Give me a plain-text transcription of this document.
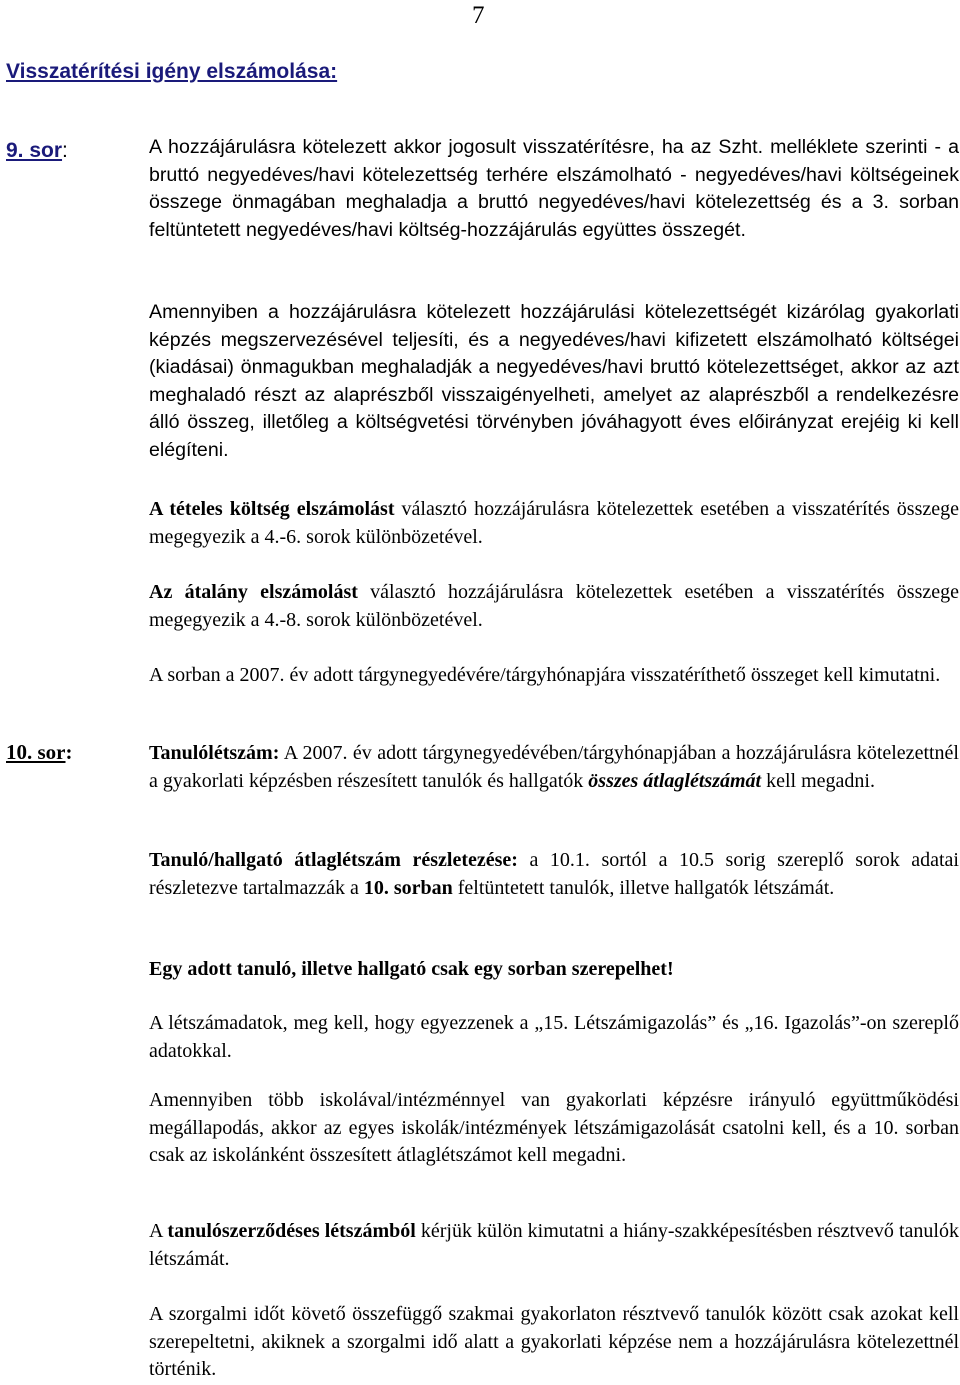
7
Visszatérítési igény elszámolása:
9. sor:	A hozzájárulásra kötelezett akkor jogosult visszatérítésre, ha az Szht. melléklete szerinti - a bruttó negyedéves/havi kötelezettség terhére elszámolható - negyedéves/havi költségeinek összege önmagában meghaladja a bruttó negyedéves/havi kötelezettség és a 3. sorban feltüntetett negyedéves/havi költség-hozzájárulás együttes összegét.

Amennyiben a hozzájárulásra kötelezett hozzájárulási kötelezettségét kizárólag gyakorlati képzés megszervezésével teljesíti, és a negyedéves/havi kifizetett elszámolható költségei (kiadásai) önmagukban meghaladják a negyedéves/havi bruttó kötelezettséget, akkor az azt meghaladó részt az alaprészből visszaigényelheti, amelyet az alaprészből a rendelkezésre álló összeg, illetőleg a költségvetési törvényben jóváhagyott éves előirányzat erejéig ki kell elégíteni.

A tételes költség elszámolást választó hozzájárulásra kötelezettek esetében a visszatérítés összege megegyezik a 4.-6. sorok különbözetével.

Az átalány elszámolást választó hozzájárulásra kötelezettek esetében a visszatérítés összege megegyezik a 4.-8. sorok különbözetével.

A sorban a 2007. év adott tárgynegyedévére/tárgyhónapjára visszatéríthető összeget kell kimutatni.

10. sor:	Tanulólétszám: A 2007. év adott tárgynegyedévében/tárgyhónapjában a hozzájárulásra kötelezettnél a gyakorlati képzésben részesített tanulók és hallgatók összes átlaglétszámát kell megadni.

Tanuló/hallgató átlaglétszám részletezése: a 10.1. sortól a 10.5 sorig szereplő sorok adatai részletezve tartalmazzák a 10. sorban feltüntetett tanulók, illetve hallgatók létszámát.

Egy adott tanuló, illetve hallgató csak egy sorban szerepelhet!

A létszámadatok, meg kell, hogy egyezzenek a „15. Létszámigazolás” és „16. Igazolás”-on szereplő adatokkal.

Amennyiben több iskolával/intézménnyel van gyakorlati képzésre irányuló együttműködési megállapodás, akkor az egyes iskolák/intézmények létszámigazolását csatolni kell, és a 10. sorban csak az iskolánként összesített átlaglétszámot kell megadni.

A tanulószerződéses létszámból kérjük külön kimutatni a hiány-szakképesítésben résztvevő tanulók létszámát.

A szorgalmi időt követő összefüggő szakmai gyakorlaton résztvevő tanulók között csak azokat kell szerepeltetni, akiknek a szorgalmi idő alatt a gyakorlati képzése nem a hozzájárulásra kötelezettnél történik.
